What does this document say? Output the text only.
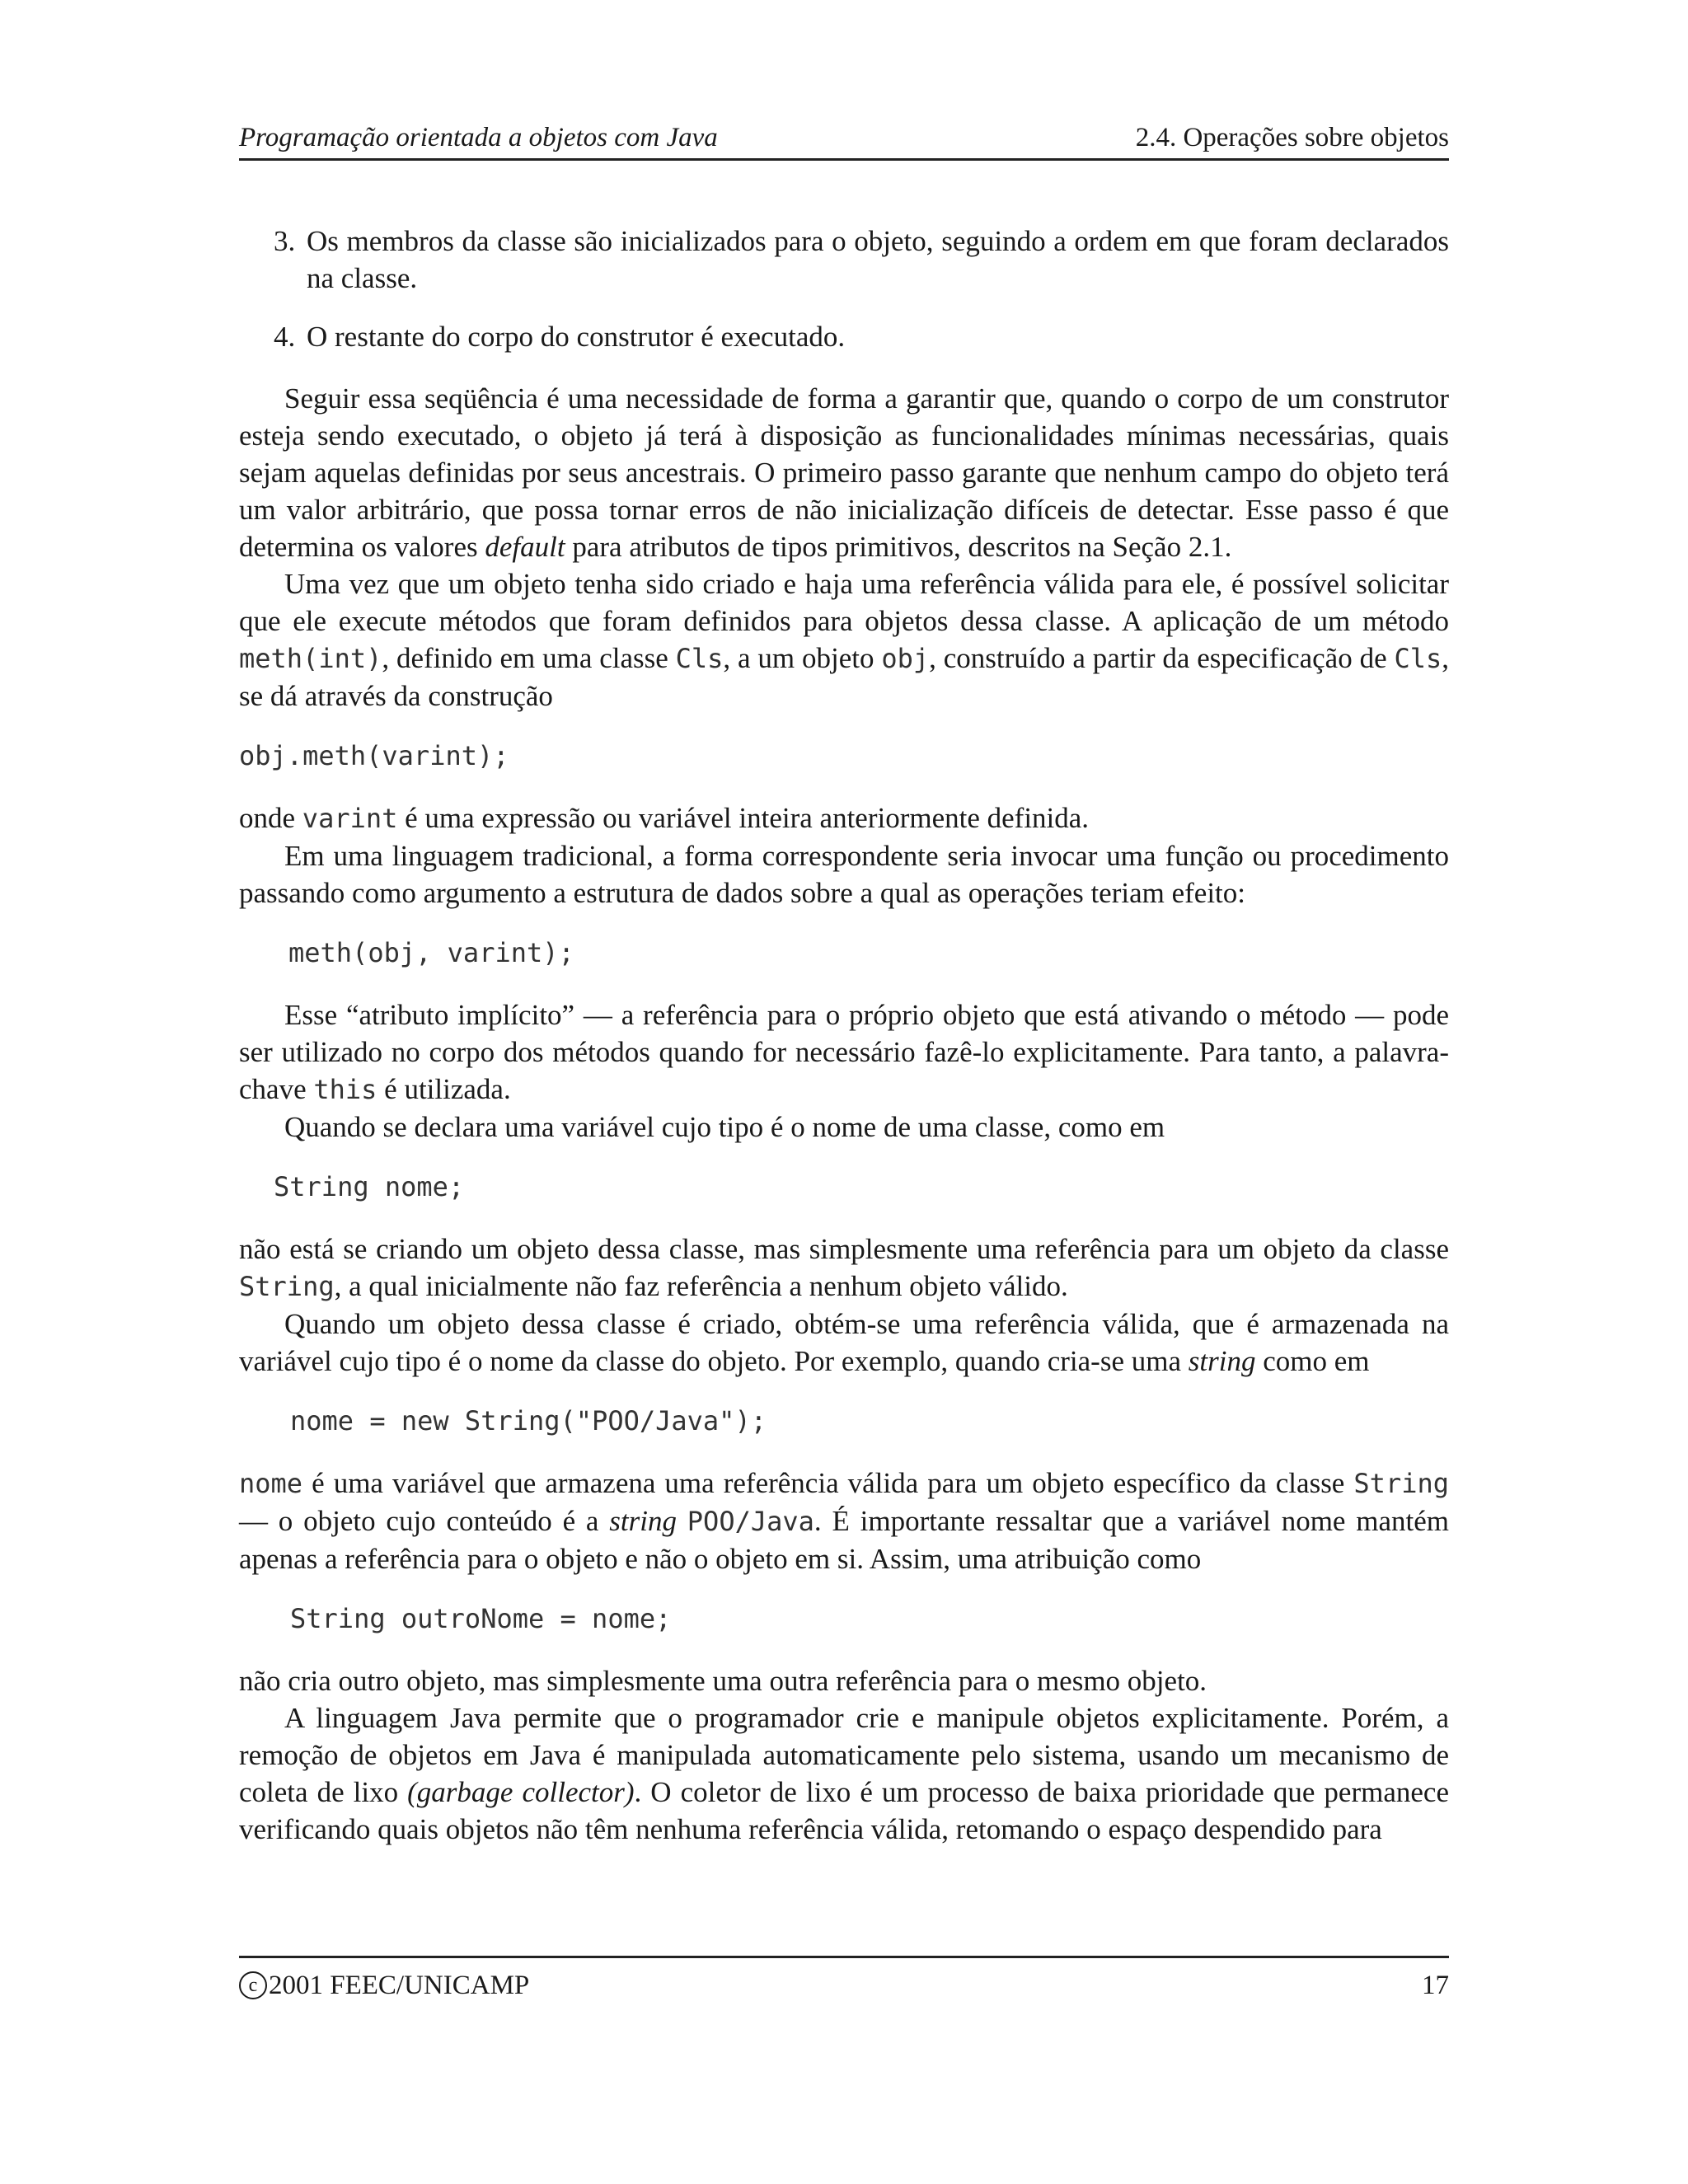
Programação orientada a objetos com Java	2.4. Operações sobre objetos
3. Os membros da classe são inicializados para o objeto, seguindo a ordem em que foram declarados na classe.
4. O restante do corpo do construtor é executado.

Seguir essa seqüência é uma necessidade de forma a garantir que, quando o corpo de um construtor esteja sendo executado, o objeto já terá à disposição as funcionalidades mínimas necessárias, quais sejam aquelas definidas por seus ancestrais. O primeiro passo garante que nenhum campo do objeto terá um valor arbitrário, que possa tornar erros de não inicialização difíceis de detectar. Esse passo é que determina os valores default para atributos de tipos primitivos, descritos na Seção 2.1.

Uma vez que um objeto tenha sido criado e haja uma referência válida para ele, é possível solicitar que ele execute métodos que foram definidos para objetos dessa classe. A aplicação de um método meth(int), definido em uma classe Cls, a um objeto obj, construído a partir da especificação de Cls, se dá através da construção

obj.meth(varint);

onde varint é uma expressão ou variável inteira anteriormente definida.

Em uma linguagem tradicional, a forma correspondente seria invocar uma função ou procedimento passando como argumento a estrutura de dados sobre a qual as operações teriam efeito:

meth(obj, varint);

Esse “atributo implícito” — a referência para o próprio objeto que está ativando o método — pode ser utilizado no corpo dos métodos quando for necessário fazê-lo explicitamente. Para tanto, a palavra-chave this é utilizada.

Quando se declara uma variável cujo tipo é o nome de uma classe, como em

String nome;

não está se criando um objeto dessa classe, mas simplesmente uma referência para um objeto da classe String, a qual inicialmente não faz referência a nenhum objeto válido.

Quando um objeto dessa classe é criado, obtém-se uma referência válida, que é armazenada na variável cujo tipo é o nome da classe do objeto. Por exemplo, quando cria-se uma string como em

nome = new String("POO/Java");

nome é uma variável que armazena uma referência válida para um objeto específico da classe String — o objeto cujo conteúdo é a string POO/Java. É importante ressaltar que a variável nome mantém apenas a referência para o objeto e não o objeto em si. Assim, uma atribuição como

String outroNome = nome;

não cria outro objeto, mas simplesmente uma outra referência para o mesmo objeto.

A linguagem Java permite que o programador crie e manipule objetos explicitamente. Porém, a remoção de objetos em Java é manipulada automaticamente pelo sistema, usando um mecanismo de coleta de lixo (garbage collector). O coletor de lixo é um processo de baixa prioridade que permanece verificando quais objetos não têm nenhuma referência válida, retomando o espaço despendido para

c 2001 FEEC/UNICAMP	17
